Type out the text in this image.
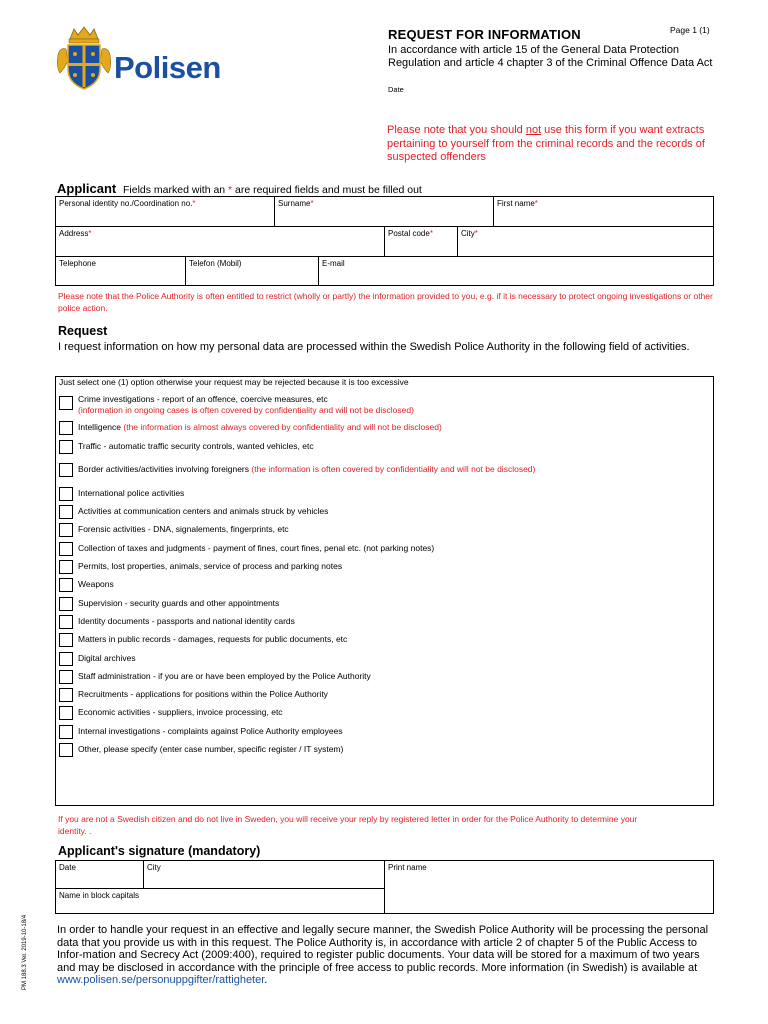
Polisen
REQUEST FOR INFORMATION	Page 1 (1)
In accordance with article 15 of the General Data Protection Regulation and article 4 chapter 3 of the Criminal Offence Data Act
Date
Please note that you should not use this form if you want extracts pertaining to yourself from the criminal records and the records of suspected offenders
Applicant Fields marked with an * are required fields and must be filled out
Personal identity no./Coordination no.*	Surname*	First name*
Address*	Postal code*	City*
Telephone	Telefon (Mobil)	E-mail
Please note that the Police Authority is often entitled to restrict (wholly or partly) the information provided to you, e.g. if it is necessary to protect ongoing investigations or other police action.
Request
I request information on how my personal data are processed within the Swedish Police Authority in the following field of activities.
Just select one (1) option otherwise your request may be rejected because it is too excessive
Crime investigations - report of an offence, coercive measures, etc
(information in ongoing cases is often covered by confidentiality and will not be disclosed)
Intelligence (the information is almost always covered by confidentiality and will not be disclosed)
Traffic - automatic traffic security controls, wanted vehicles, etc
Border activities/activities involving foreigners (the information is often covered by confidentiality and will not be disclosed)
International police activities
Activities at communication centers and animals struck by vehicles
Forensic activities - DNA, signalements, fingerprints, etc
Collection of taxes and judgments - payment of fines, court fines, penal etc. (not parking notes)
Permits, lost properties, animals, service of process and parking notes
Weapons
Supervision - security guards and other appointments
Identity documents - passports and national identity cards
Matters in public records - damages, requests for public documents, etc
Digital archives
Staff administration - if you are or have been employed by the Police Authority
Recruitments - applications for positions within the Police Authority
Economic activities - suppliers, invoice processing, etc
Internal investigations - complaints against Police Authority employees
Other, please specify (enter case number, specific register / IT system)
If you are not a Swedish citizen and do not live in Sweden, you will receive your reply by registered letter in order for the Police Authority to determine your identity. .
Applicant's signature (mandatory)
Date	City	Print name
Name in block capitals
In order to handle your request in an effective and legally secure manner, the Swedish Police Authority will be processing the personal data that you provide us with in this request. The Police Authority is, in accordance with article 2 of chapter 5 of the Public Access to Infor-mation and Secrecy Act (2009:400), required to register public documents. Your data will be stored for a maximum of two years and may be disclosed in accordance with the principle of free access to public records. More information (in Swedish) is available at
www.polisen.se/personuppgifter/rattigheter.
PM 188.3 Ver. 2019-10-18/4
